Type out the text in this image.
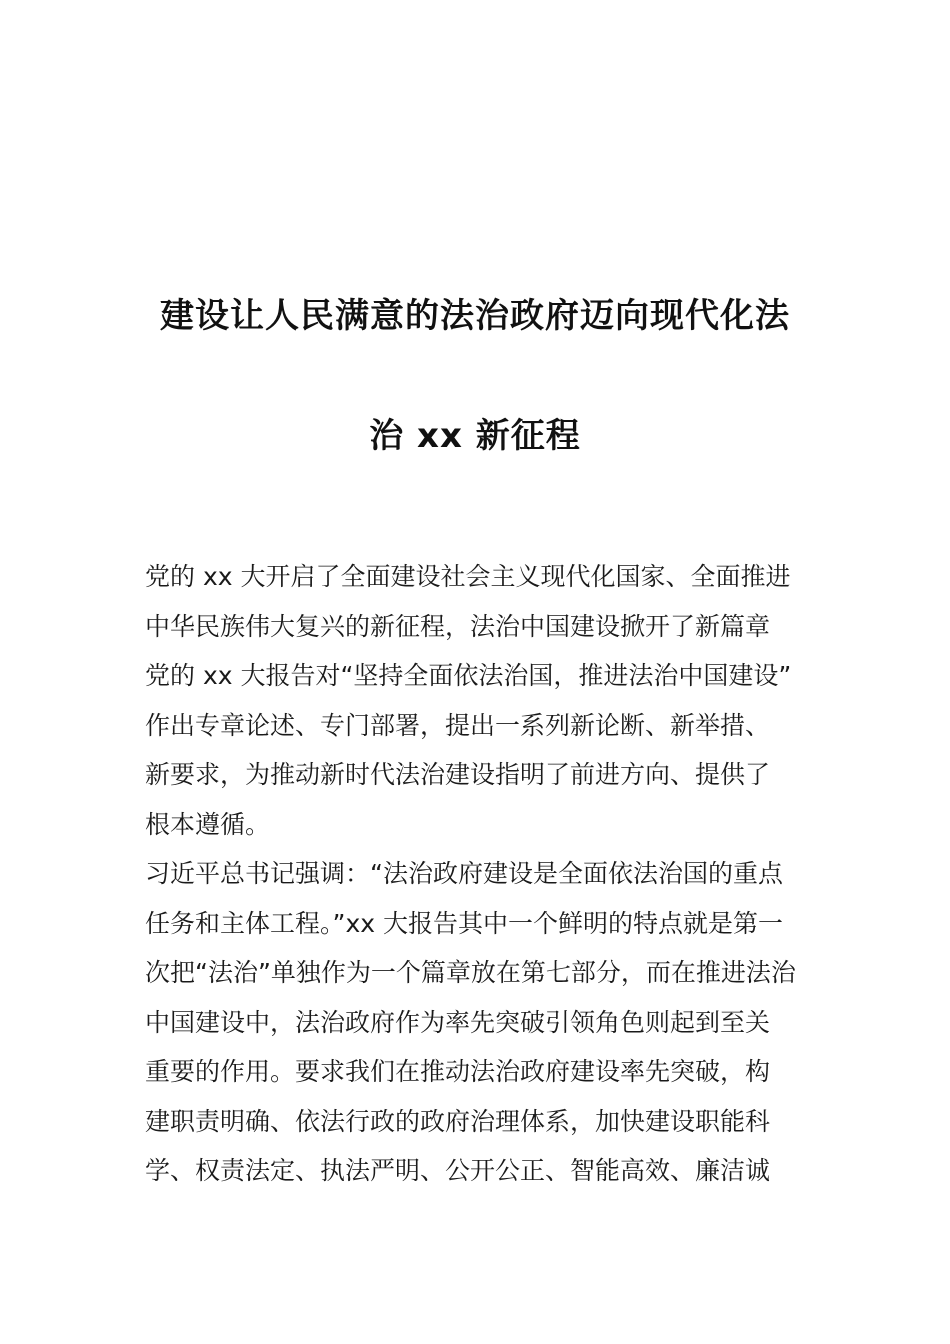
建设让人民满意的法治政府迈向现代化法
治 xx 新征程
党的 xx 大开启了全面建设社会主义现代化国家、全面推进
中华民族伟大复兴的新征程，法治中国建设掀开了新篇章
党的 xx 大报告对“坚持全面依法治国，推进法治中国建设”
作出专章论述、专门部署，提出一系列新论断、新举措、
新要求，为推动新时代法治建设指明了前进方向、提供了
根本遵循。
习近平总书记强调：“法治政府建设是全面依法治国的重点
任务和主体工程。”xx 大报告其中一个鲜明的特点就是第一
次把“法治”单独作为一个篇章放在第七部分，而在推进法治
中国建设中，法治政府作为率先突破引领角色则起到至关
重要的作用。要求我们在推动法治政府建设率先突破，构
建职责明确、依法行政的政府治理体系，加快建设职能科
学、权责法定、执法严明、公开公正、智能高效、廉洁诚
